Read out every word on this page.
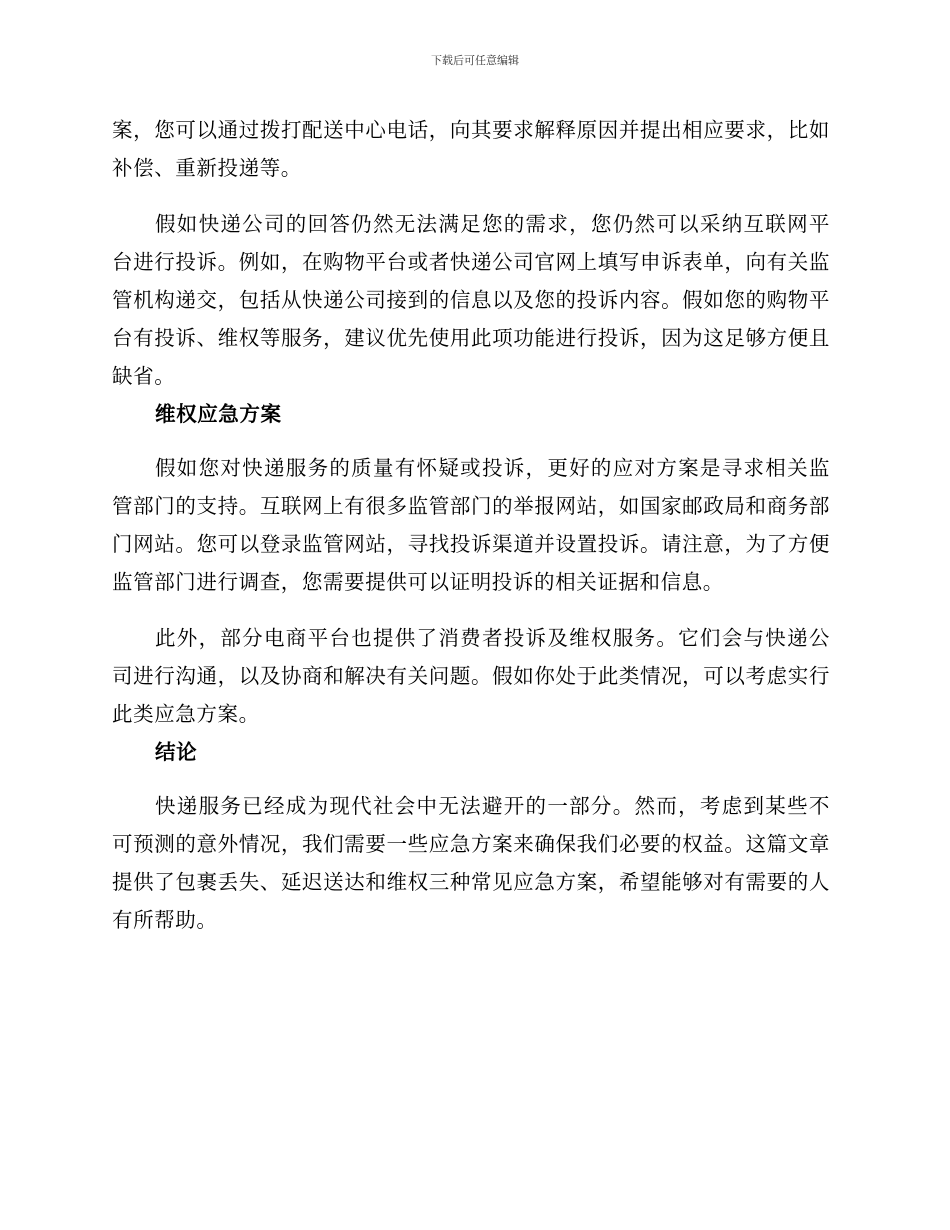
下载后可任意编辑

案，您可以通过拨打配送中心电话，向其要求解释原因并提出相应要求，比如补偿、重新投递等。

假如快递公司的回答仍然无法满足您的需求，您仍然可以采纳互联网平台进行投诉。例如，在购物平台或者快递公司官网上填写申诉表单，向有关监管机构递交，包括从快递公司接到的信息以及您的投诉内容。假如您的购物平台有投诉、维权等服务，建议优先使用此项功能进行投诉，因为这足够方便且缺省。

维权应急方案

假如您对快递服务的质量有怀疑或投诉，更好的应对方案是寻求相关监管部门的支持。互联网上有很多监管部门的举报网站，如国家邮政局和商务部门网站。您可以登录监管网站，寻找投诉渠道并设置投诉。请注意，为了方便监管部门进行调查，您需要提供可以证明投诉的相关证据和信息。

此外，部分电商平台也提供了消费者投诉及维权服务。它们会与快递公司进行沟通，以及协商和解决有关问题。假如你处于此类情况，可以考虑实行此类应急方案。

结论

快递服务已经成为现代社会中无法避开的一部分。然而，考虑到某些不可预测的意外情况，我们需要一些应急方案来确保我们必要的权益。这篇文章提供了包裹丢失、延迟送达和维权三种常见应急方案，希望能够对有需要的人有所帮助。
